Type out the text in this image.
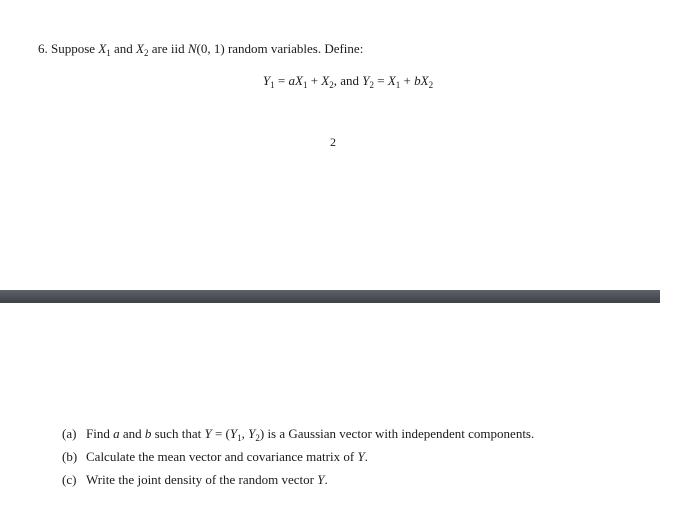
6. Suppose $X_1$ and $X_2$ are iid N(0, 1) random variables. Define:
$Y_1 = aX_1 + X_2$, and $Y_2 = X_1 + bX_2$
2
(a) Find a and b such that $Y = (Y_1$, $Y_2$) is a Gaussian vector with independent components.
(b) Calculate the mean vector and covariance matrix of Y.
(c) Write the joint density of the random vector Y.
